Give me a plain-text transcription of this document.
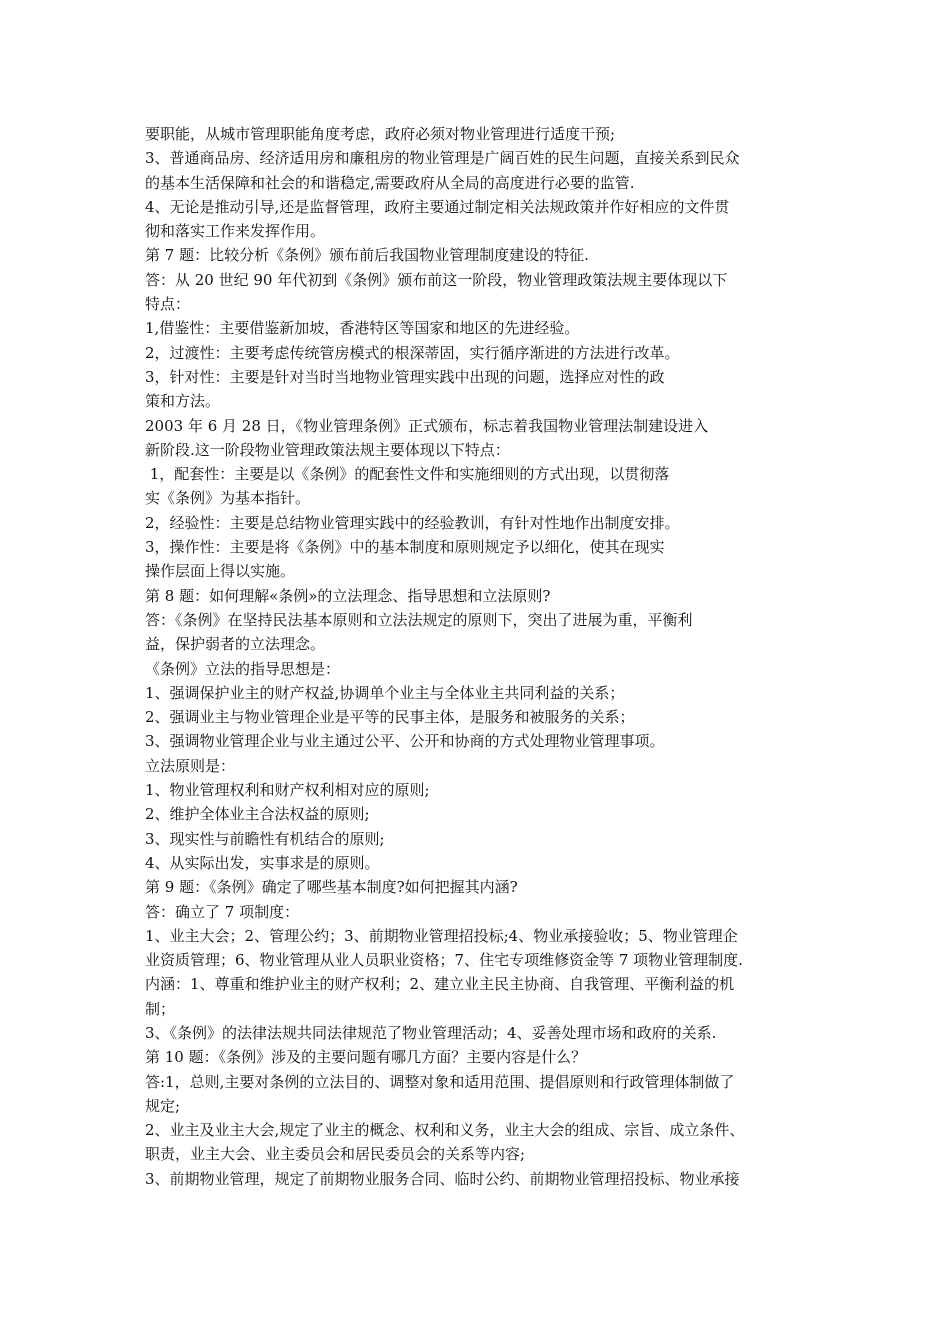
要职能，从城市管理职能角度考虑，政府必须对物业管理进行适度干预;
3、普通商品房、经济适用房和廉租房的物业管理是广阔百姓的民生问题，直接关系到民众
的基本生活保障和社会的和谐稳定,需要政府从全局的高度进行必要的监管.
4、无论是推动引导,还是监督管理，政府主要通过制定相关法规政策并作好相应的文件贯
彻和落实工作来发挥作用。
第 7 题：比较分析《条例》颁布前后我国物业管理制度建设的特征.
答：从 20 世纪 90 年代初到《条例》颁布前这一阶段，物业管理政策法规主要体现以下
特点：
1,借鉴性：主要借鉴新加坡，香港特区等国家和地区的先进经验。
2，过渡性：主要考虑传统管房模式的根深蒂固，实行循序渐进的方法进行改革。
3，针对性：主要是针对当时当地物业管理实践中出现的问题，选择应对性的政
策和方法。
2003 年 6 月 28 日，《物业管理条例》正式颁布，标志着我国物业管理法制建设进入
新阶段.这一阶段物业管理政策法规主要体现以下特点：
1，配套性：主要是以《条例》的配套性文件和实施细则的方式出现，以贯彻落
实《条例》为基本指针。
2，经验性：主要是总结物业管理实践中的经验教训，有针对性地作出制度安排。
3，操作性：主要是将《条例》中的基本制度和原则规定予以细化，使其在现实
操作层面上得以实施。
第 8 题：如何理解«条例»的立法理念、指导思想和立法原则?
答：《条例》在坚持民法基本原则和立法法规定的原则下，突出了进展为重，平衡利
益，保护弱者的立法理念。
《条例》立法的指导思想是：
1、强调保护业主的财产权益,协调单个业主与全体业主共同利益的关系；
2、强调业主与物业管理企业是平等的民事主体，是服务和被服务的关系；
3、强调物业管理企业与业主通过公平、公开和协商的方式处理物业管理事项。
立法原则是：
1、物业管理权利和财产权利相对应的原则;
2、维护全体业主合法权益的原则;
3、现实性与前瞻性有机结合的原则;
4、从实际出发，实事求是的原则。
第 9 题：《条例》确定了哪些基本制度?如何把握其内涵?
答：确立了 7 项制度：
1、业主大会；2、管理公约；3、前期物业管理招投标;4、物业承接验收；5、物业管理企
业资质管理；6、物业管理从业人员职业资格；7、住宅专项维修资金等 7 项物业管理制度.
内涵：1、尊重和维护业主的财产权利；2、建立业主民主协商、自我管理、平衡利益的机
制；
3、《条例》的法律法规共同法律规范了物业管理活动；4、妥善处理市场和政府的关系.
第 10 题：《条例》涉及的主要问题有哪几方面？主要内容是什么？
答:1，总则,主要对条例的立法目的、调整对象和适用范围、提倡原则和行政管理体制做了
规定;
2、业主及业主大会,规定了业主的概念、权利和义务，业主大会的组成、宗旨、成立条件、
职责，业主大会、业主委员会和居民委员会的关系等内容;
3、前期物业管理，规定了前期物业服务合同、临时公约、前期物业管理招投标、物业承接
